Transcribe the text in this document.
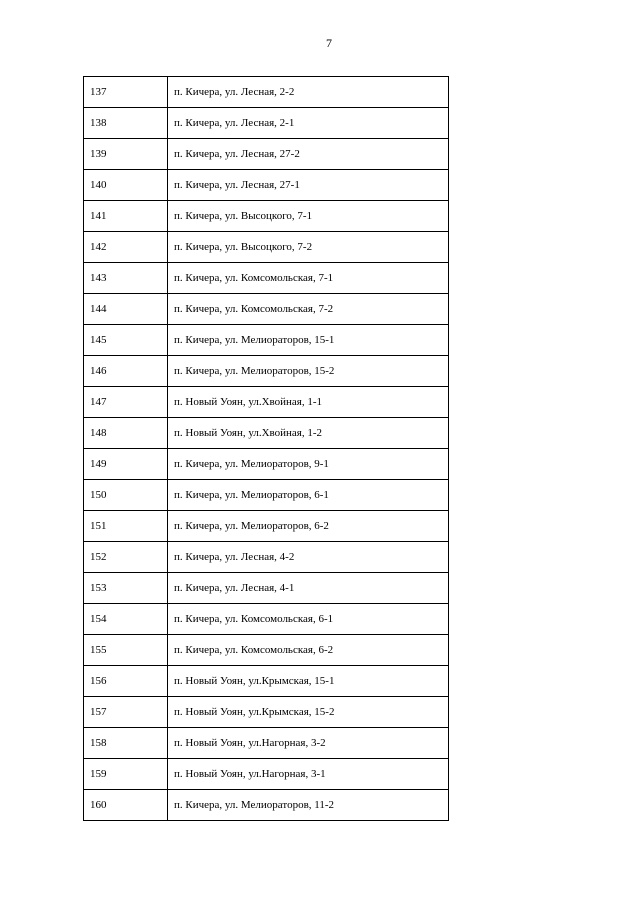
7
137	п. Кичера, ул. Лесная, 2-2
138	п. Кичера, ул. Лесная, 2-1
139	п. Кичера, ул. Лесная, 27-2
140	п. Кичера, ул. Лесная, 27-1
141	п. Кичера, ул. Высоцкого, 7-1
142	п. Кичера, ул. Высоцкого, 7-2
143	п. Кичера, ул. Комсомольская, 7-1
144	п. Кичера, ул. Комсомольская, 7-2
145	п. Кичера, ул. Мелиораторов, 15-1
146	п. Кичера, ул. Мелиораторов, 15-2
147	п. Новый Уоян, ул.Хвойная, 1-1
148	п. Новый Уоян, ул.Хвойная, 1-2
149	п. Кичера, ул. Мелиораторов, 9-1
150	п. Кичера, ул. Мелиораторов, 6-1
151	п. Кичера, ул. Мелиораторов, 6-2
152	п. Кичера, ул. Лесная, 4-2
153	п. Кичера, ул. Лесная, 4-1
154	п. Кичера, ул. Комсомольская, 6-1
155	п. Кичера, ул. Комсомольская, 6-2
156	п. Новый Уоян, ул.Крымская, 15-1
157	п. Новый Уоян, ул.Крымская, 15-2
158	п. Новый Уоян, ул.Нагорная, 3-2
159	п. Новый Уоян, ул.Нагорная, 3-1
160	п. Кичера, ул. Мелиораторов, 11-2
